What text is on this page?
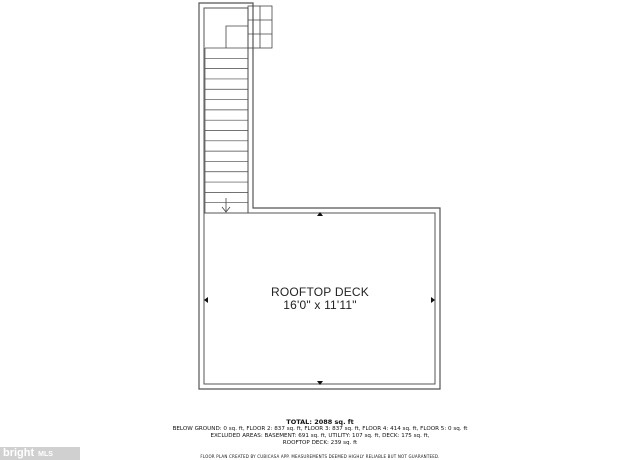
ROOFTOP DECK
16'0" x 11'11"
TOTAL: 2088 sq. ft
BELOW GROUND: 0 sq. ft, FLOOR 2: 837 sq. ft, FLOOR 3: 837 sq. ft, FLOOR 4: 414 sq. ft, FLOOR 5: 0 sq. ft
EXCLUDED AREAS: BASEMENT: 691 sq. ft, UTILITY: 107 sq. ft, DECK: 175 sq. ft,
ROOFTOP DECK: 239 sq. ft
FLOOR PLAN CREATED BY CUBICASA APP. MEASUREMENTS DEEMED HIGHLY RELIABLE BUT NOT GUARANTEED.
bright MLS
